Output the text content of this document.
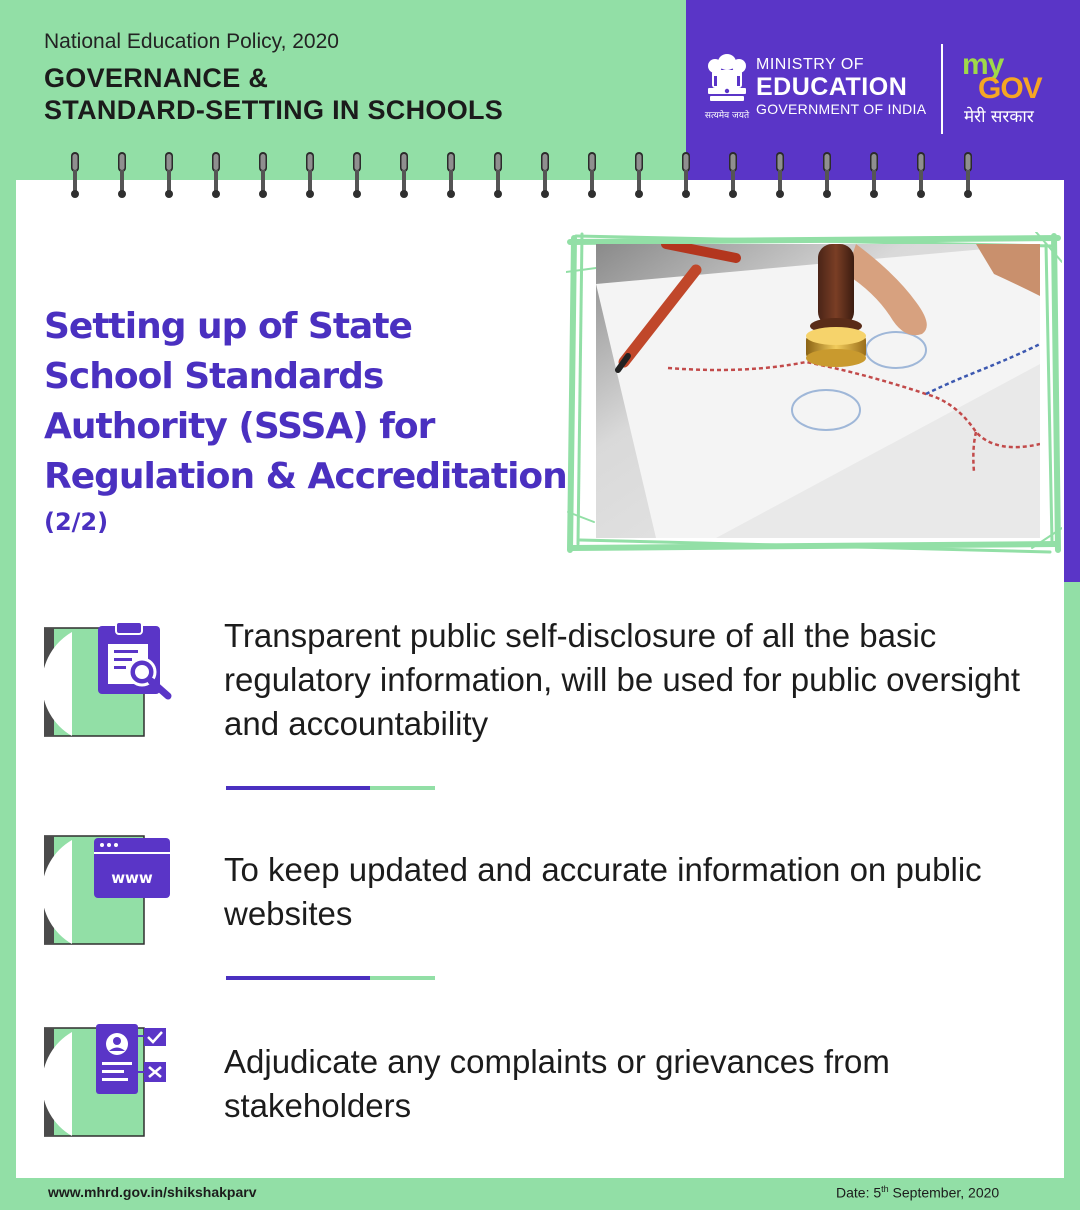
National Education Policy, 2020
GOVERNANCE &
STANDARD-SETTING IN SCHOOLS	सत्यमेव जयते
MINISTRY OF
EDUCATION
GOVERNMENT OF INDIA
my
GOV
मेरी सरकार
Setting up of State
School Standards
Authority (SSSA) for
Regulation & Accreditation
(2/2)
Transparent public self-disclosure of all the basic regulatory information, will be used for public oversight and accountability
www To keep updated and accurate information on public websites
Adjudicate any complaints or grievances from stakeholders
www.mhrd.gov.in/shikshakparv	Date: 5th September, 2020
